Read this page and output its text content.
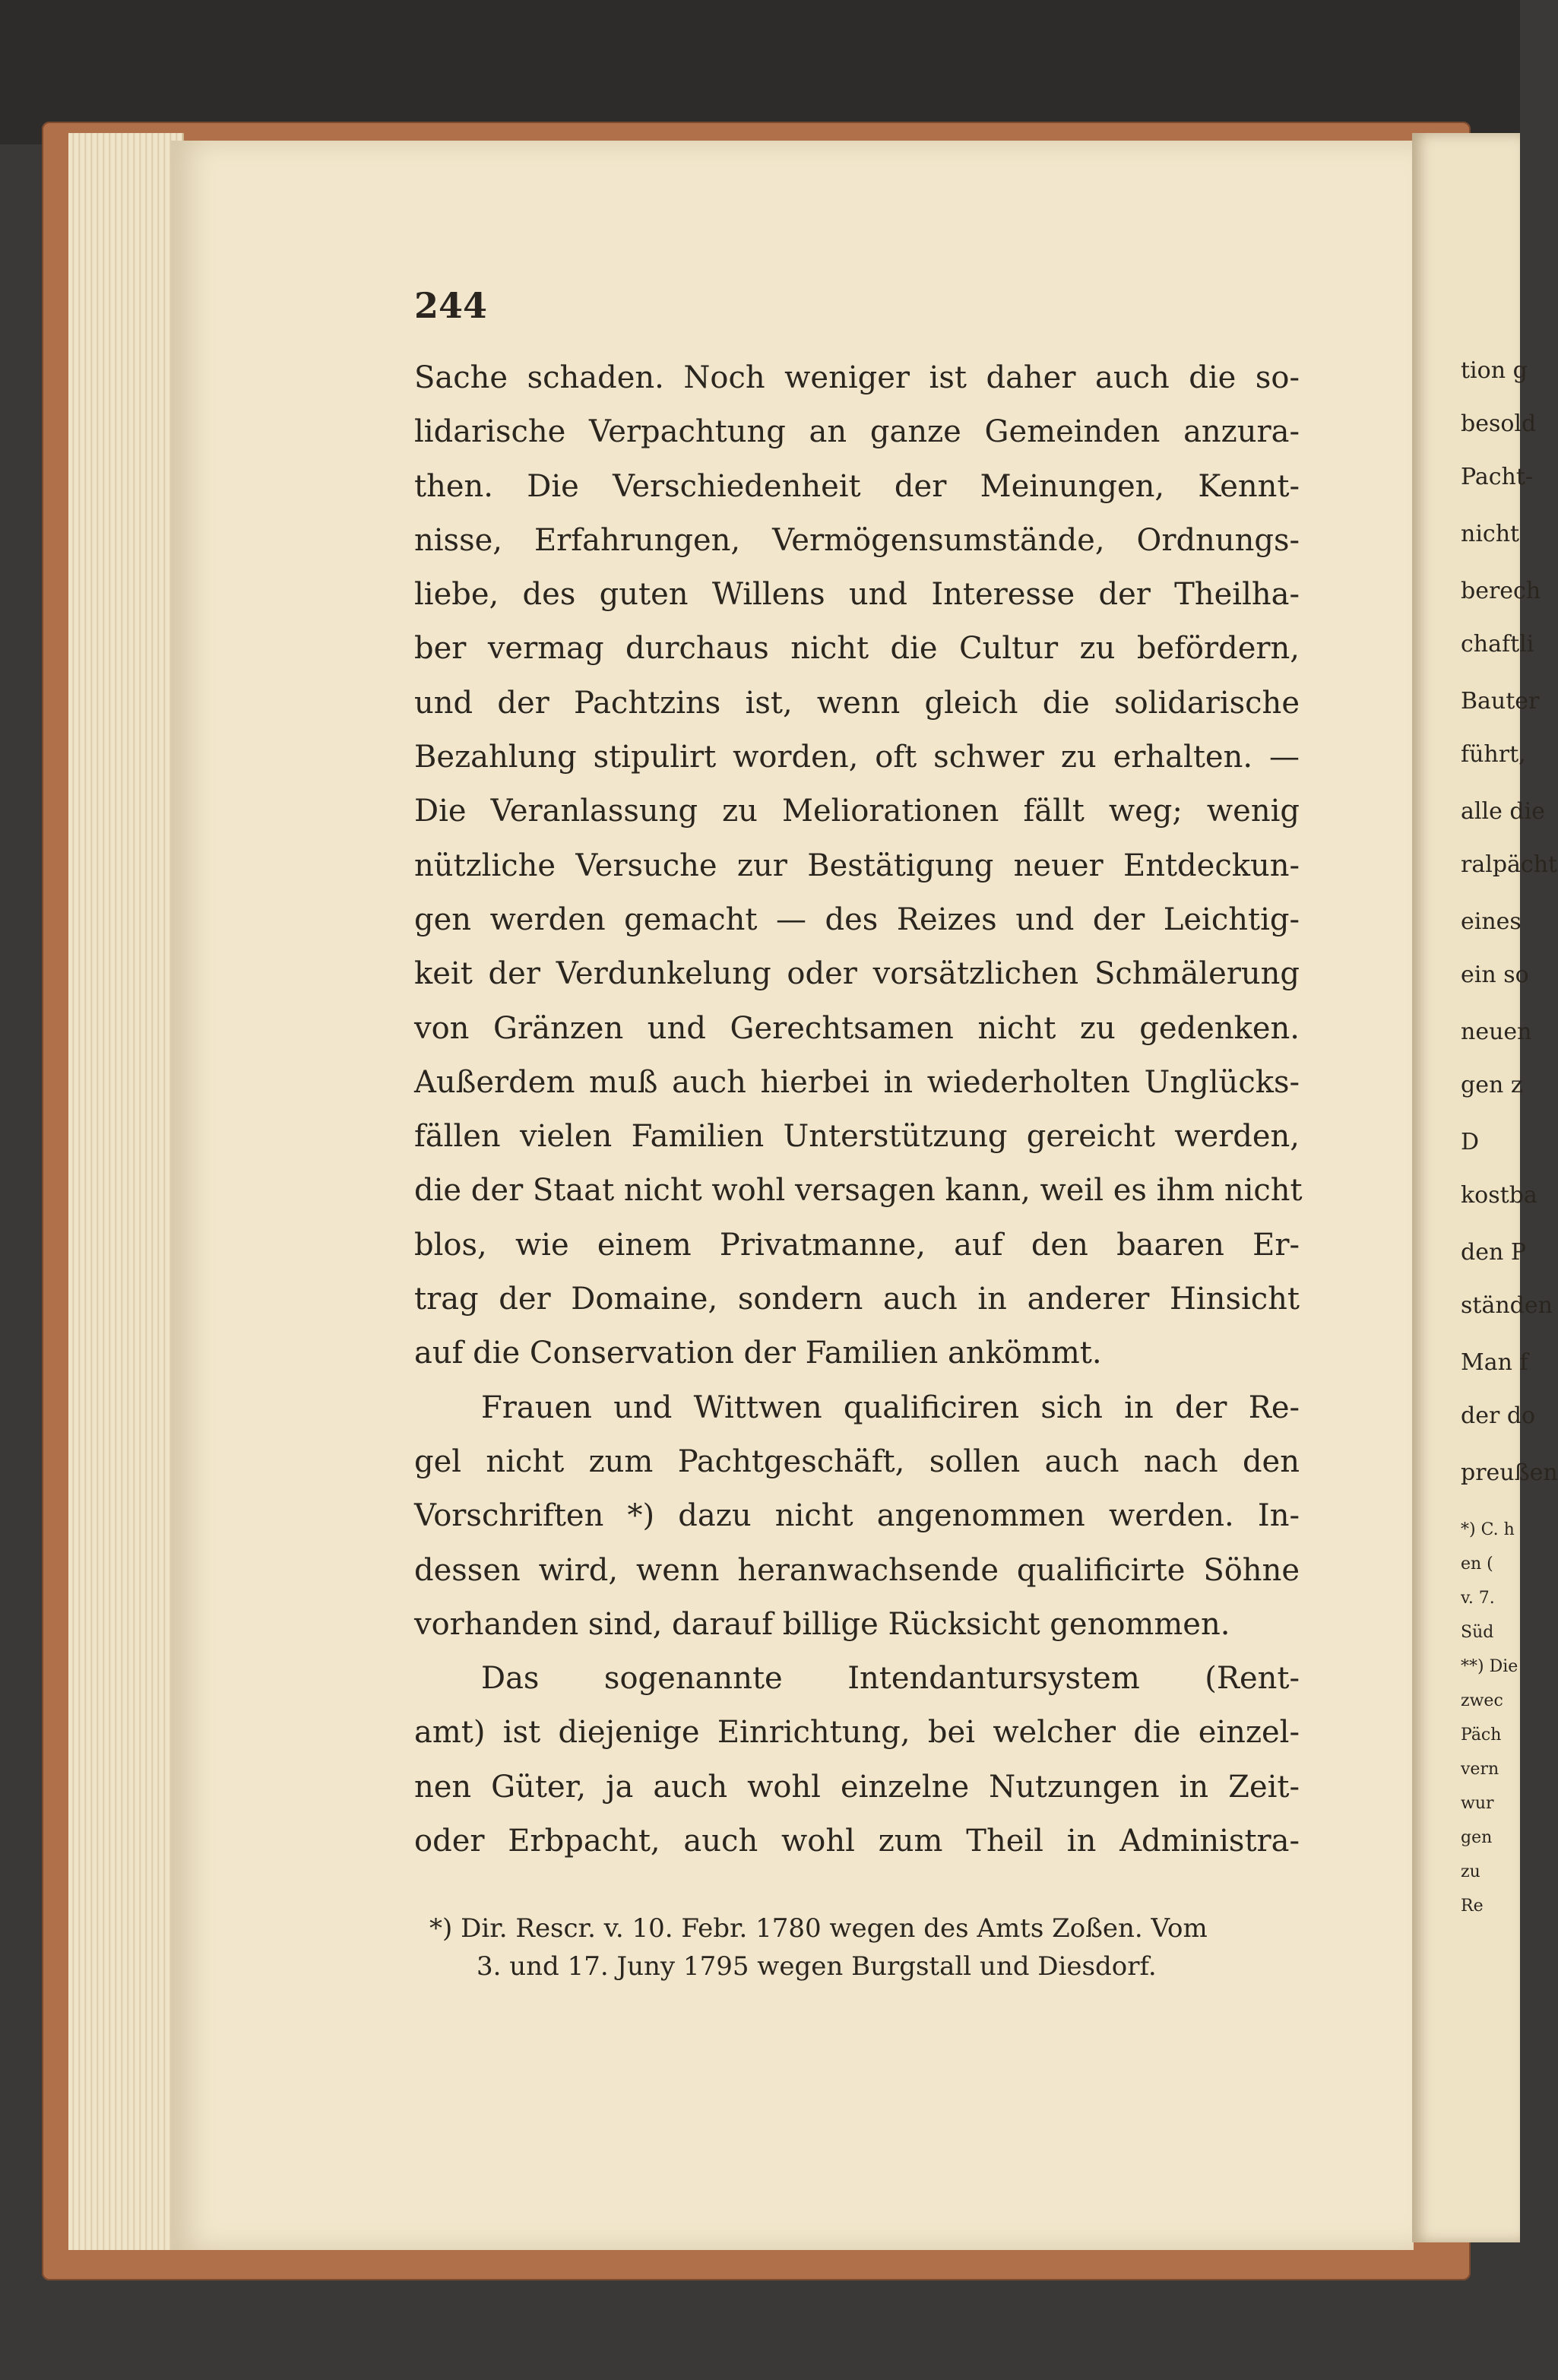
244
Sache schaden. Noch weniger ist daher auch die so-
lidarische Verpachtung an ganze Gemeinden anzura-
then. Die Verschiedenheit der Meinungen, Kennt-
nisse, Erfahrungen, Vermögensumstände, Ordnungs-
liebe, des guten Willens und Interesse der Theilha-
ber vermag durchaus nicht die Cultur zu befördern,
und der Pachtzins ist, wenn gleich die solidarische
Bezahlung stipulirt worden, oft schwer zu erhalten. —
Die Veranlassung zu Meliorationen fällt weg; wenig
nützliche Versuche zur Bestätigung neuer Entdeckun-
gen werden gemacht — des Reizes und der Leichtig-
keit der Verdunkelung oder vorsätzlichen Schmälerung
von Gränzen und Gerechtsamen nicht zu gedenken.
Außerdem muß auch hierbei in wiederholten Unglücks-
fällen vielen Familien Unterstützung gereicht werden,
die der Staat nicht wohl versagen kann, weil es ihm nicht
blos, wie einem Privatmanne, auf den baaren Er-
trag der Domaine, sondern auch in anderer Hinsicht
auf die Conservation der Familien ankömmt.
Frauen und Wittwen qualificiren sich in der Re-
gel nicht zum Pachtgeschäft, sollen auch nach den
Vorschriften *) dazu nicht angenommen werden. In-
dessen wird, wenn heranwachsende qualificirte Söhne
vorhanden sind, darauf billige Rücksicht genommen.
Das sogenannte Intendantursystem (Rent-
amt) ist diejenige Einrichtung, bei welcher die einzel-
nen Güter, ja auch wohl einzelne Nutzungen in Zeit-
oder Erbpacht, auch wohl zum Theil in Administra-
*) Dir. Rescr. v. 10. Febr. 1780 wegen des Amts Zoßen. Vom
3. und 17. Juny 1795 wegen Burgstall und Diesdorf.
tion g
besold
Pacht-
nicht
berech
chaftli
Bauter
führt,
alle die
ralpächt
eines
ein so
neuen
gen z
D
kostba
den P
ständen
Man f
der do
preußen
*) C. h
en (
v. 7.
Süd
**) Die
zwec
Päch
vern
wur
gen
zu
Re
